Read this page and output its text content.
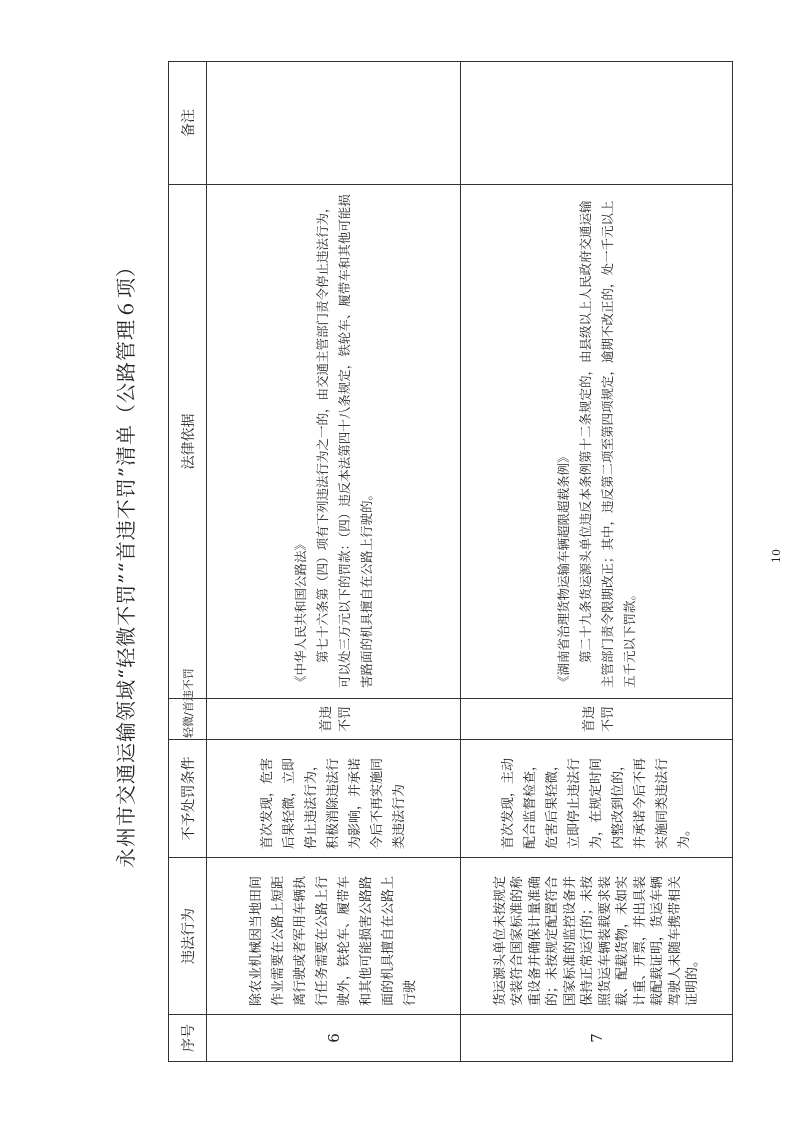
永州市交通运输领域“轻微不罚”“首违不罚”清单（公路管理６项）
序号	违法行为	不予处罚条件	轻微/首违不罚	法律依据	备注
6	除农业机械因当地田间作业需要在公路上短距离行驶或者军用车辆执行任务需要在公路上行驶外，铁轮车、履带车和其他可能损害公路路面的机具擅自在公路上行驶	首次发现，危害后果轻微，立即停止违法行为，积极消除违法行为影响，并承诺今后不再实施同类违法行为	首违不罚	《中华人民共和国公路法》 第七十六条第（四）项有下列违法行为之一的，由交通主管部门责令停止违法行为，可以处三万元以下的罚款：（四）违反本法第四十八条规定，铁轮车、履带车和其他可能损害路面的机具擅自在公路上行驶的。	

7	货运源头单位未按规定安装符合国家标准的称重设备并确保计量准确的；未按规定配置符合国家标准的监控设备并保持正常运行的；未按照货运车辆装载要求装载、配载货物，未如实计重、开票，并出具装载配载证明，货运车辆驾驶人未随车携带相关证明的。	首次发现，主动配合监督检查，危害后果轻微，立即停止违法行为，在规定时间内整改到位的，并承诺今后不再实施同类违法行为。	首违不罚	《湖南省治理货物运输车辆超限超载条例》 第二十九条货运源头单位违反本条例第十二条规定的，由县级以上人民政府交通运输主管部门责令限期改正；其中，违反第二项至第四项规定，逾期不改正的，处一千元以上五千元以下罚款。	

10
